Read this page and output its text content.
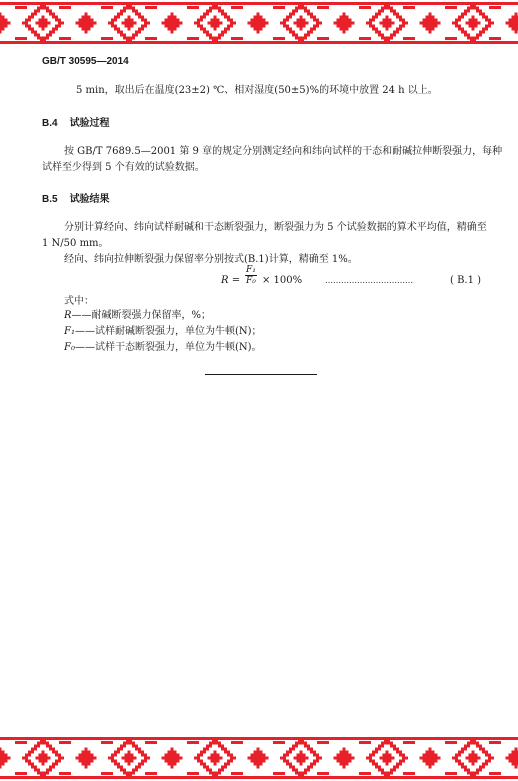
GB/T 30595—2014
5 min，取出后在温度(23±2) ℃、相对湿度(50±5)%的环境中放置 24 h 以上。
B.4 试验过程
按 GB/T 7689.5—2001 第 9 章的规定分别测定经向和纬向试样的干态和耐碱拉伸断裂强力，每种
试样至少得到 5 个有效的试验数据。
B.5 试验结果
分别计算经向、纬向试样耐碱和干态断裂强力，断裂强力为 5 个试验数据的算术平均值，精确至
1 N/50 mm。
经向、纬向拉伸断裂强力保留率分别按式(B.1)计算，精确至 1%。
$R = \frac{\text{F₁}}{\text{F₀}} \times 100\%$	……………………………	( B.1 )
式中：
R——耐碱断裂强力保留率，%；
F₁——试样耐碱断裂强力，单位为牛顿(N)；
F₀——试样干态断裂强力，单位为牛顿(N)。
